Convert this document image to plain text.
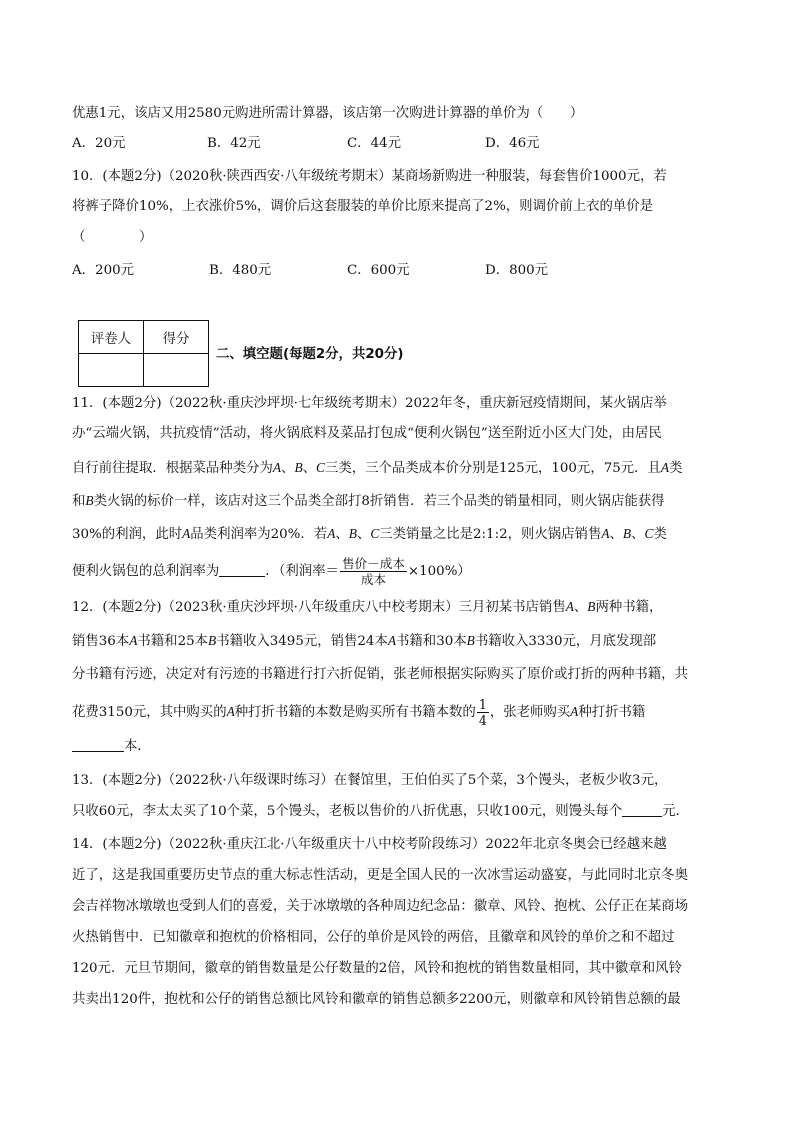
优惠1元，该店又用2580元购进所需计算器，该店第一次购进计算器的单价为（　　）
A．20元	B．42元	C．44元	D．46元
10．(本题2分)（2020秋·陕西西安·八年级统考期末）某商场新购进一种服装，每套售价1000元，若
将裤子降价10%，上衣涨价5%，调价后这套服装的单价比原来提高了2%，则调价前上衣的单价是
（　　　　）
A．200元	B．480元	C．600元	D．800元
评卷人	得分

二、填空题(每题2分，共20分)
11．(本题2分)（2022秋·重庆沙坪坝·七年级统考期末）2022年冬，重庆新冠疫情期间，某火锅店举
办“云端火锅，共抗疫情”活动，将火锅底料及菜品打包成“便利火锅包”送至附近小区大门处，由居民
自行前往提取．根据菜品种类分为A、B、C三类，三个品类成本价分别是125元，100元，75元．且A类
和B类火锅的标价一样，该店对这三个品类全部打8折销售．若三个品类的销量相同，则火锅店能获得
30%的利润，此时A品类利润率为20%．若A、B、C三类销量之比是2:1:2，则火锅店销售A、B、C类
便利火锅包的总利润率为	．（利润率＝ $\frac{\text{售价－成本}}{\text{成本}} \times 100\%$）
12．(本题2分)（2023秋·重庆沙坪坝·八年级重庆八中校考期末）三月初某书店销售A、B两种书籍，
销售36本A书籍和25本B书籍收入3495元，销售24本A书籍和30本B书籍收入3330元，月底发现部
分书籍有污迹，决定对有污迹的书籍进行打六折促销，张老师根据实际购买了原价或打折的两种书籍，共
花费3150元，其中购买的A种打折书籍的本数是购买所有书籍本数的 $\frac{1}{4}$ ，张老师购买A种打折书籍
本．
13．(本题2分)（2022秋·八年级课时练习）在餐馆里，王伯伯买了5个菜，3个馒头，老板少收3元，
只收60元，李太太买了10个菜，5个馒头，老板以售价的八折优惠，只收100元，则馒头每个	元．
14．(本题2分)（2022秋·重庆江北·八年级重庆十八中校考阶段练习）2022年北京冬奥会已经越来越
近了，这是我国重要历史节点的重大标志性活动，更是全国人民的一次冰雪运动盛宴，与此同时北京冬奥
会吉祥物冰墩墩也受到人们的喜爱，关于冰墩墩的各种周边纪念品：徽章、风铃、抱枕、公仔正在某商场
火热销售中．已知徽章和抱枕的价格相同，公仔的单价是风铃的两倍，且徽章和风铃的单价之和不超过
120元．元旦节期间，徽章的销售数量是公仔数量的2倍，风铃和抱枕的销售数量相同，其中徽章和风铃
共卖出120件，抱枕和公仔的销售总额比风铃和徽章的销售总额多2200元，则徽章和风铃销售总额的最
